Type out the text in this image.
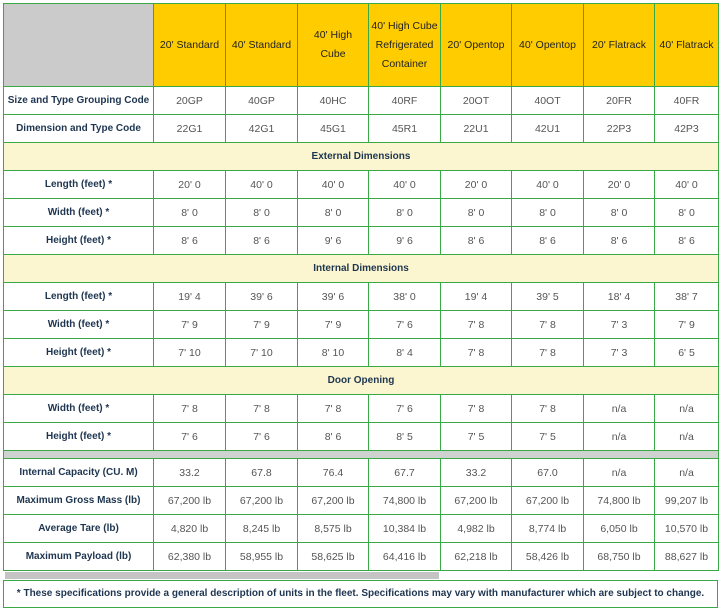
	20' Standard	40' Standard	40' High Cube	40' High Cube Refrigerated Container	20' Opentop	40' Opentop	20' Flatrack	40' Flatrack
Size and Type Grouping Code	20GP	40GP	40HC	40RF	20OT	40OT	20FR	40FR
Dimension and Type Code	22G1	42G1	45G1	45R1	22U1	42U1	22P3	42P3
External Dimensions								
Length (feet) *	20' 0	40' 0	40' 0	40' 0	20' 0	40' 0	20' 0	40' 0
Width (feet) *	8' 0	8' 0	8' 0	8' 0	8' 0	8' 0	8' 0	8' 0
Height (feet) *	8' 6	8' 6	9' 6	9' 6	8' 6	8' 6	8' 6	8' 6
Internal Dimensions								
Length (feet) *	19' 4	39' 6	39' 6	38' 0	19' 4	39' 5	18' 4	38' 7
Width (feet) *	7' 9	7' 9	7' 9	7' 6	7' 8	7' 8	7' 3	7' 9
Height (feet) *	7' 10	7' 10	8' 10	8' 4	7' 8	7' 8	7' 3	6' 5
Door Opening								
Width (feet) *	7' 8	7' 8	7' 8	7' 6	7' 8	7' 8	n/a	n/a
Height (feet) *	7' 6	7' 6	8' 6	8' 5	7' 5	7' 5	n/a	n/a

Internal Capacity (CU. M)	33.2	67.8	76.4	67.7	33.2	67.0	n/a	n/a
Maximum Gross Mass (lb)	67,200 lb	67,200 lb	67,200 lb	74,800 lb	67,200 lb	67,200 lb	74,800 lb	99,207 lb
Average Tare (lb)	4,820 lb	8,245 lb	8,575 lb	10,384 lb	4,982 lb	8,774 lb	6,050 lb	10,570 lb
Maximum Payload (lb)	62,380 lb	58,955 lb	58,625 lb	64,416 lb	62,218 lb	58,426 lb	68,750 lb	88,627 lb
* These specifications provide a general description of units in the fleet. Specifications may vary with manufacturer which are subject to change.
